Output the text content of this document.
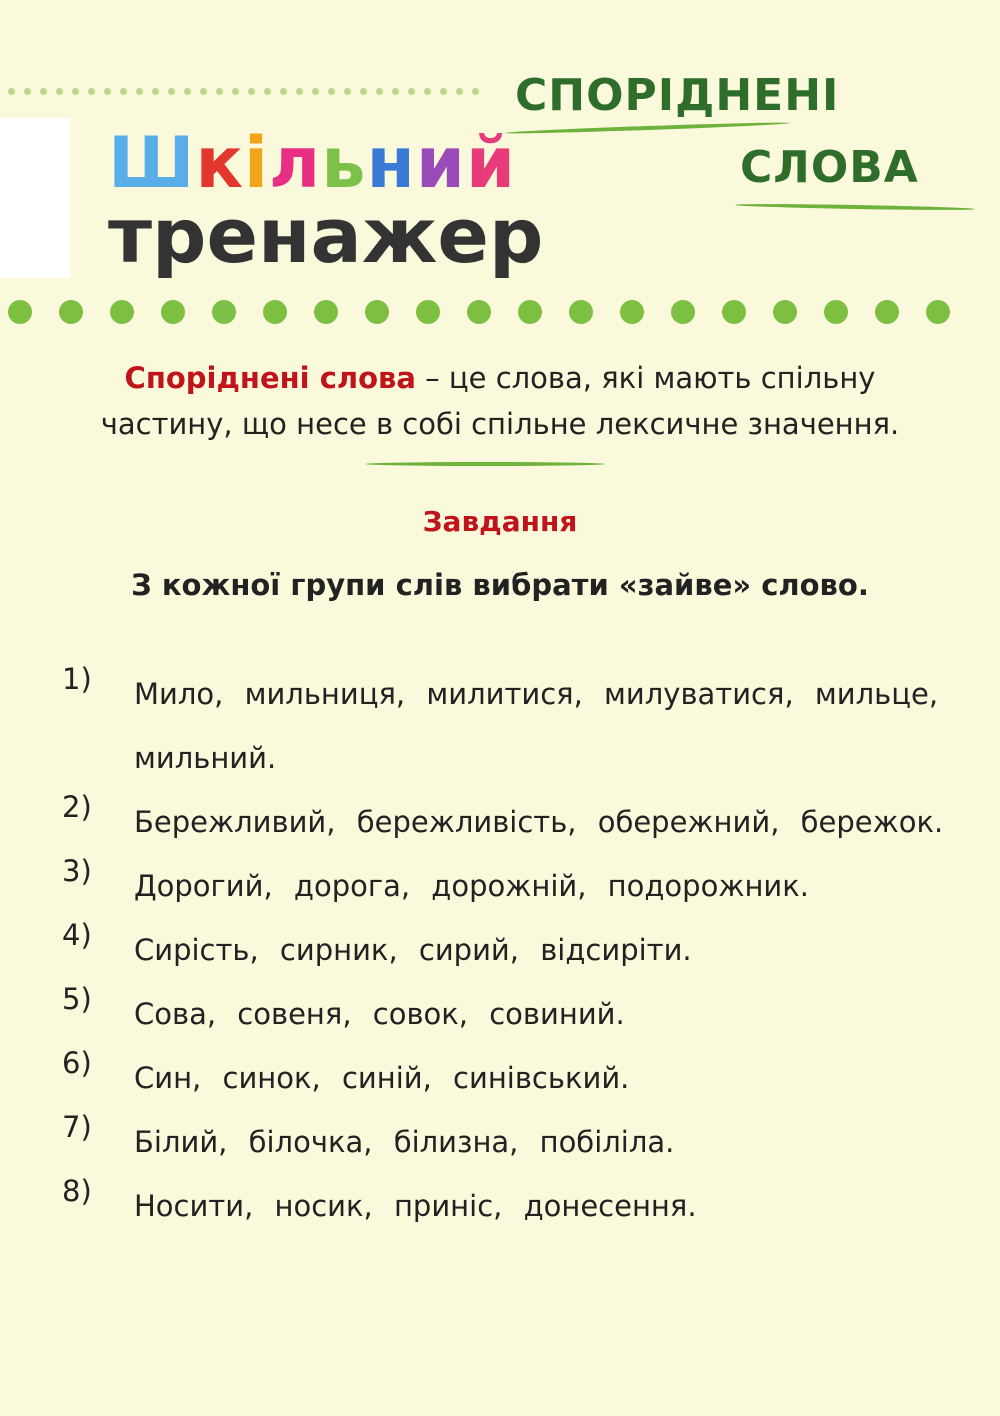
Шкільний
тренажер
СПОРІДНЕНІ
СЛОВА
Споріднені слова – це слова, які мають спільну
частину, що несе в собі спільне лексичне значення.
Завдання
З кожної групи слів вибрати «зайве» слово.
1)	Мило, мильниця, милитися, милуватися, мильце, мильний.
2)	Бережливий, бережливість, обережний, бережок.
3)	Дорогий, дорога, дорожній, подорожник.
4)	Сирість, сирник, сирий, відсиріти.
5)	Сова, совеня, совок, совиний.
6)	Син, синок, синій, синівський.
7)	Білий, білочка, білизна, побіліла.
8)	Носити, носик, приніс, донесення.
